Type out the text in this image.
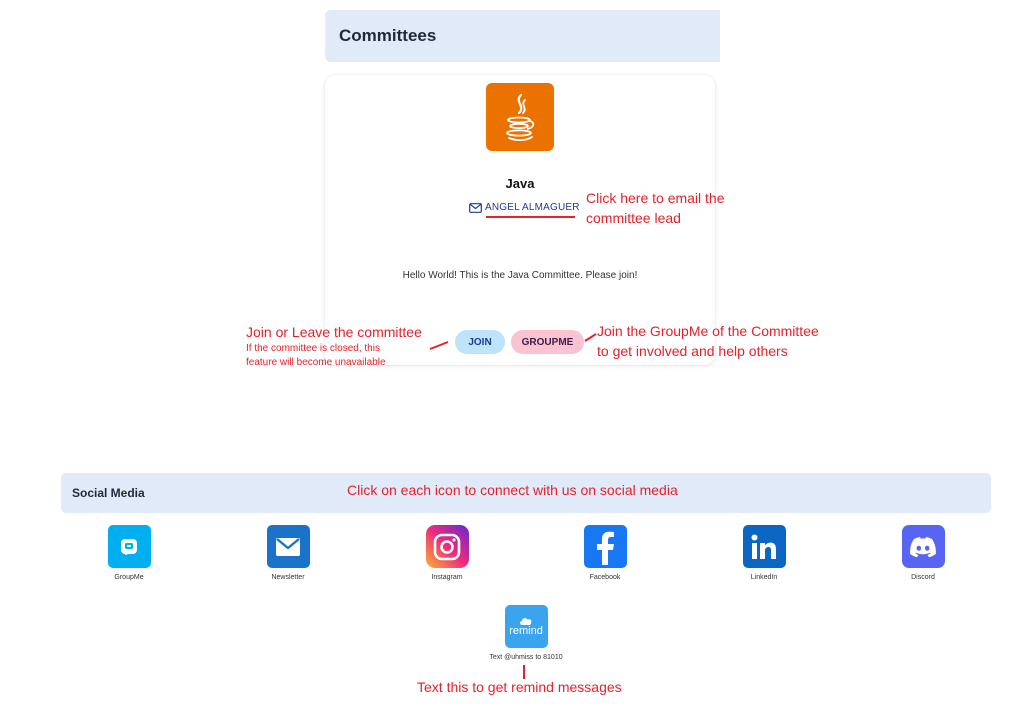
Committees
Java
ANGEL ALMAGUER
Hello World! This is the Java Committee. Please join!
JOIN	GROUPME
Click here to email the
committee lead
Join or Leave the committee
If the committee is closed, this
feature will become unavailable
Join the GroupMe of the Committee
to get involved and help others
Social Media	Click on each icon to connect with us on social media
GroupMe	Newsletter	Instagram	Facebook	LinkedIn	Discord
remind
Text @uhmiss to 81010
Text this to get remind messages
